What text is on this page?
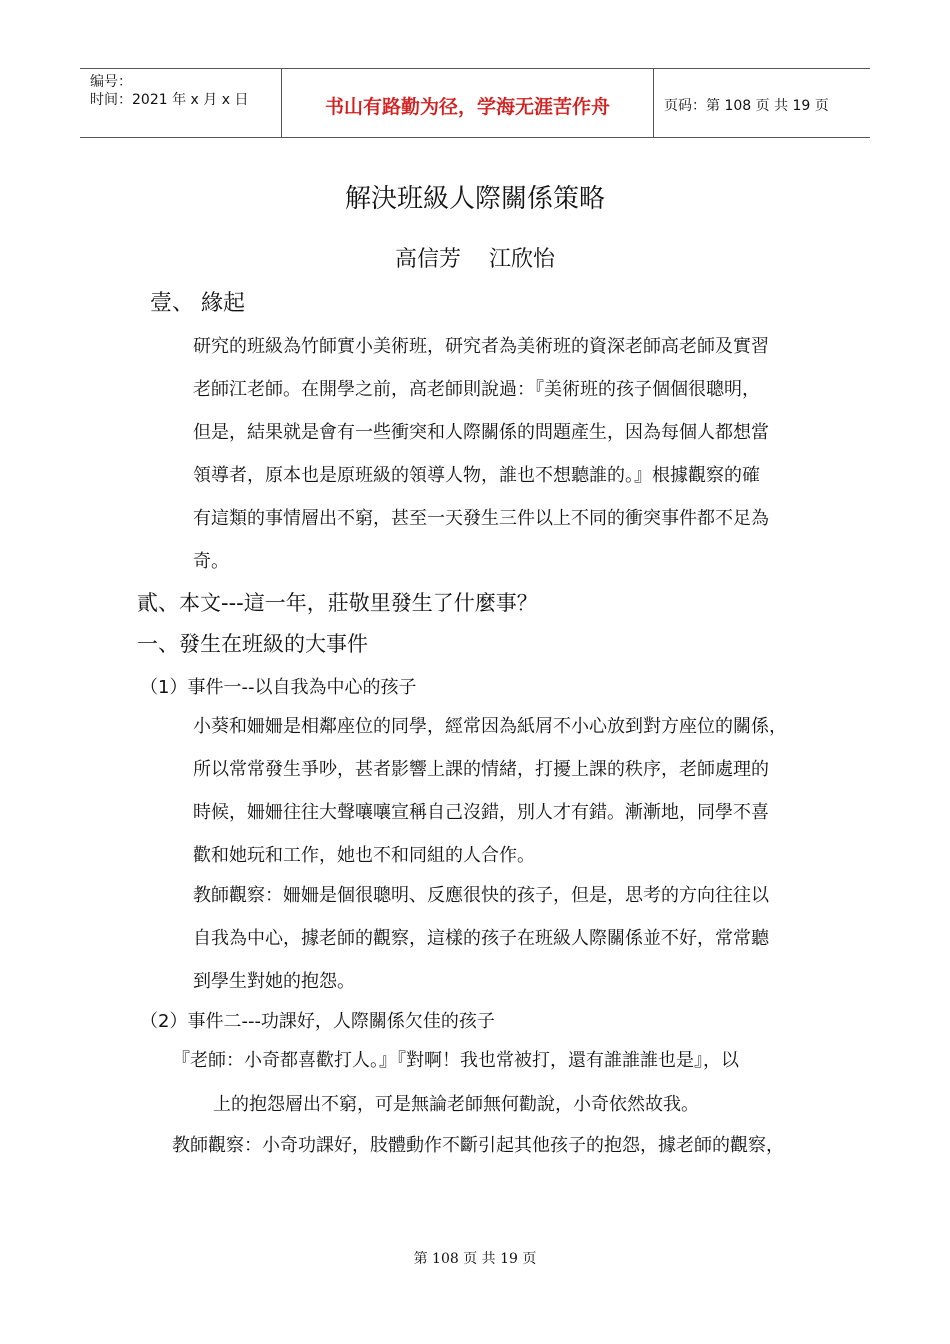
编号：
时间：2021 年 x 月 x 日	书山有路勤为径，学海无涯苦作舟	页码：第 108 页 共 19 页
解決班級人際關係策略
高信芳 江欣怡
壹、 緣起
研究的班級為竹師實小美術班，研究者為美術班的資深老師高老師及實習
老師江老師。在開學之前，高老師則說過：『美術班的孩子個個很聰明，
但是，結果就是會有一些衝突和人際關係的問題產生，因為每個人都想當
領導者，原本也是原班級的領導人物，誰也不想聽誰的。』根據觀察的確
有這類的事情層出不窮，甚至一天發生三件以上不同的衝突事件都不足為
奇。
貳、本文---這一年，莊敬里發生了什麼事？
一、發生在班級的大事件
（1）事件一--以自我為中心的孩子
小葵和姍姍是相鄰座位的同學，經常因為紙屑不小心放到對方座位的關係，
所以常常發生爭吵，甚者影響上課的情緒，打擾上課的秩序，老師處理的
時候，姍姍往往大聲嚷嚷宣稱自己沒錯，別人才有錯。漸漸地，同學不喜
歡和她玩和工作，她也不和同組的人合作。
教師觀察：姍姍是個很聰明、反應很快的孩子，但是，思考的方向往往以
自我為中心，據老師的觀察，這樣的孩子在班級人際關係並不好，常常聽
到學生對她的抱怨。
（2）事件二---功課好，人際關係欠佳的孩子
『老師：小奇都喜歡打人。』『對啊！我也常被打，還有誰誰誰也是』，以
上的抱怨層出不窮，可是無論老師無何勸說，小奇依然故我。
教師觀察：小奇功課好，肢體動作不斷引起其他孩子的抱怨，據老師的觀察，
第 108 页 共 19 页
